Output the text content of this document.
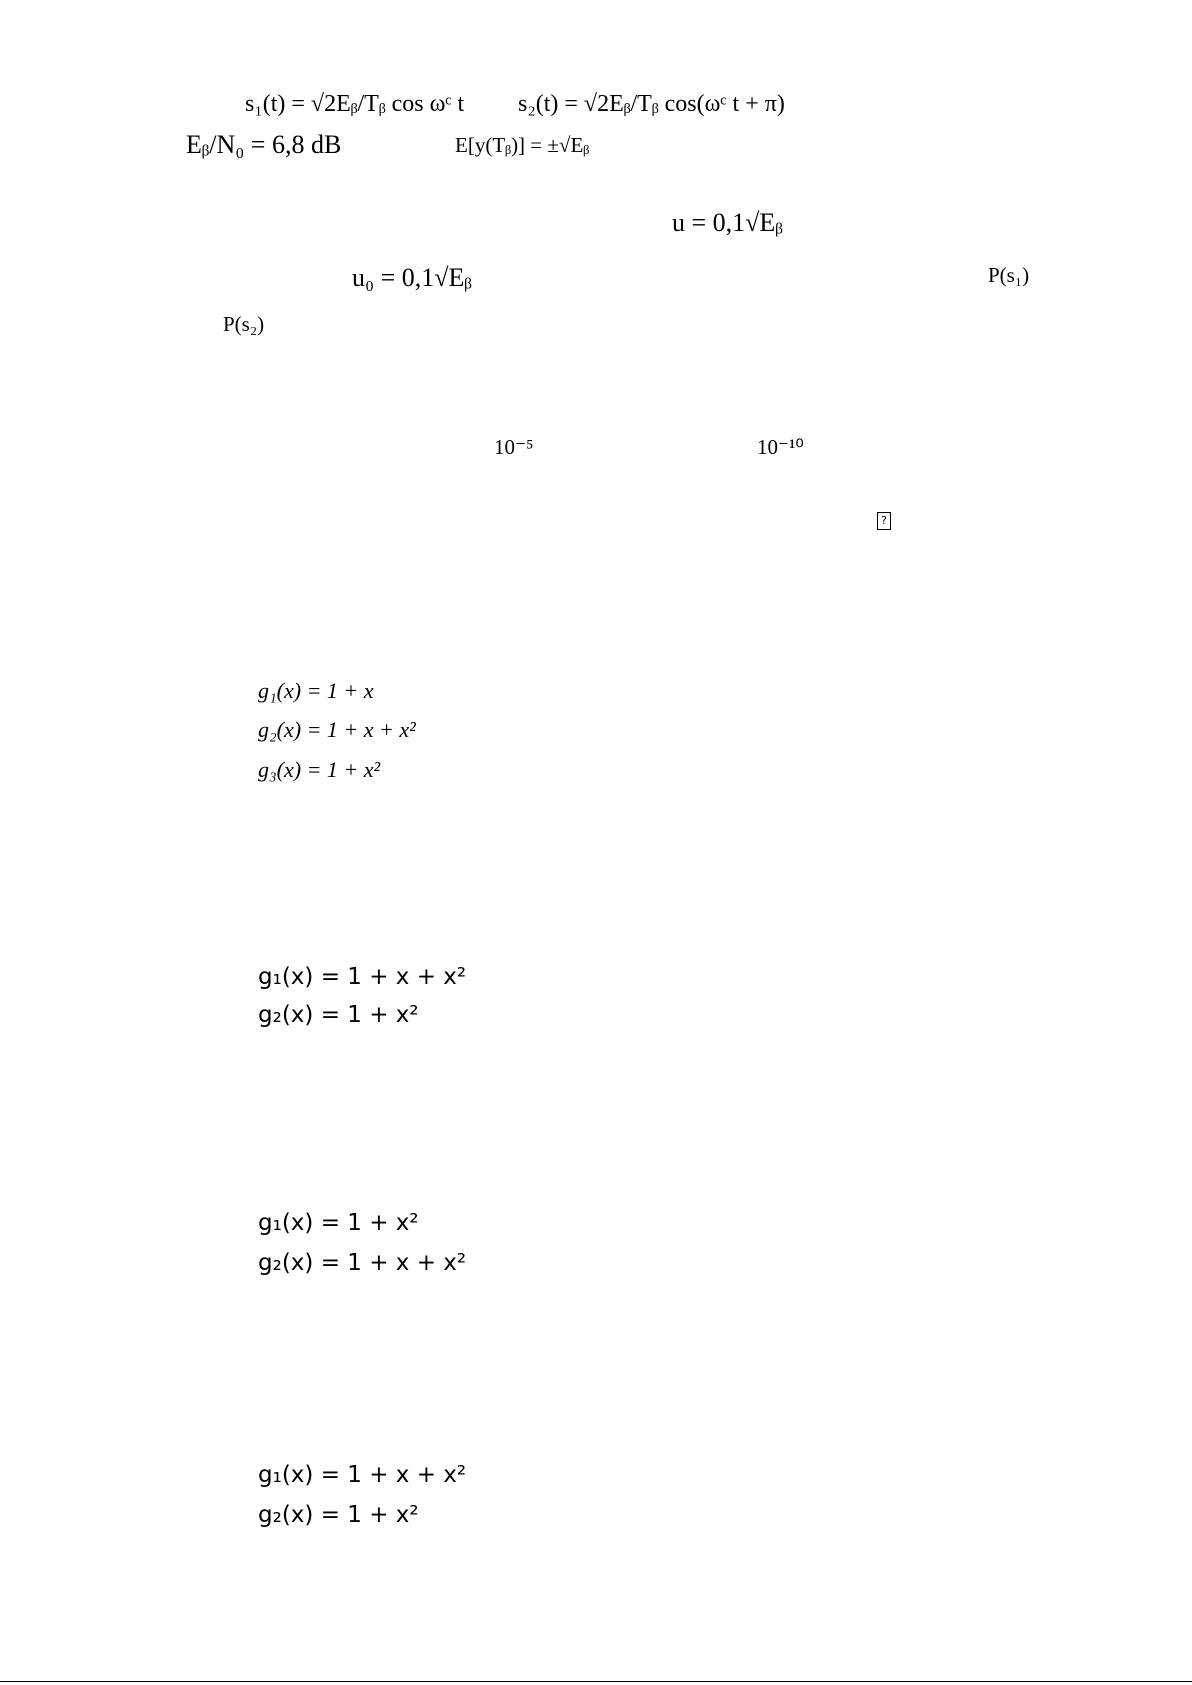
s₁(t) = √2Eᵦ/Tᵦ cos ωᶜ t s₂(t) = √2Eᵦ/Tᵦ cos(ωᶜ t + π)
Eᵦ/N₀ = 6,8 dB	E[y(Tᵦ)] = ±√Eᵦ
u = 0,1√Eᵦ
u₀ = 0,1√Eᵦ	P(s₁)
P(s₂)
10⁻⁵	10⁻¹⁰
?
g₁(x) = 1 + x
g₂(x) = 1 + x + x²
g₃(x) = 1 + x²
g₁(x) = 1 + x + x²
g₂(x) = 1 + x²
g₁(x) = 1 + x²
g₂(x) = 1 + x + x²
g₁(x) = 1 + x + x²
g₂(x) = 1 + x²
